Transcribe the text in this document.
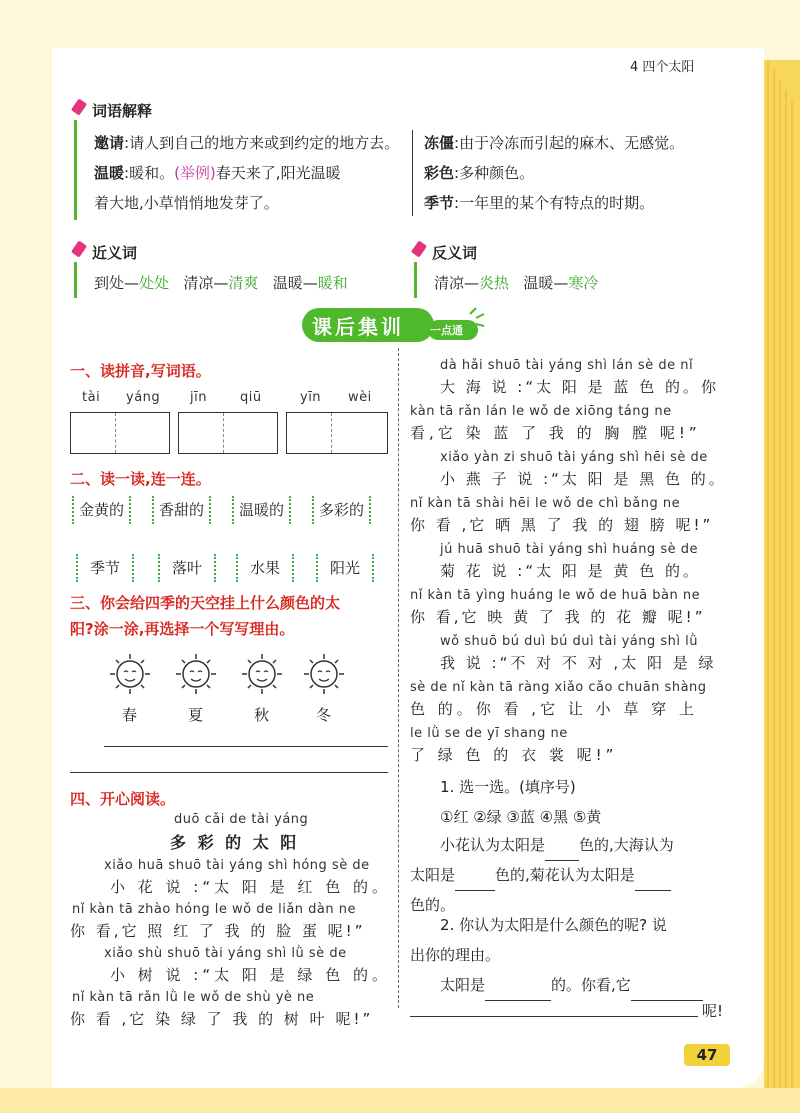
4 四个太阳
词语解释
邀请:请人到自己的地方来或到约定的地方去。
温暖:暖和。(举例)春天来了,阳光温暖
着大地,小草悄悄地发芽了。
冻僵:由于冷冻而引起的麻木、无感觉。
彩色:多种颜色。
季节:一年里的某个有特点的时期。
近义词
到处—处处 清凉—清爽 温暖—暖和
反义词
清凉—炎热 温暖—寒冷
课后集训 一点通
一、读拼音,写词语。
tài yáng jīn	qiū	yīn wèi
二、读一读,连一连。
金黄的	香甜的	温暖的	多彩的
季节	落叶	水果	阳光
三、你会给四季的天空挂上什么颜色的太
阳?涂一涂,再选择一个写写理由。
春	夏	秋	冬
四、开心阅读。
duō cǎi de tài yáng
多 彩 的 太 阳
xiǎo huā shuō tài yáng shì hóng sè de
小 花 说 :“太 阳 是 红 色 的。
nǐ kàn tā zhào hóng le wǒ de liǎn dàn ne
你 看,它 照 红 了 我 的 脸 蛋 呢!”
xiǎo shù shuō tài yáng shì lǜ sè de
小 树 说 :“太 阳 是 绿 色 的。
nǐ kàn tā rǎn lǜ le wǒ de shù yè ne
你 看 ,它 染 绿 了 我 的 树 叶 呢!”
dà hǎi shuō tài yáng shì lán sè de nǐ
大 海 说 :“太 阳 是 蓝 色 的。你
kàn tā rǎn lán le wǒ de xiōng táng ne
看,它 染 蓝 了 我 的 胸 膛 呢!”
xiǎo yàn zi shuō tài yáng shì hēi sè de
小 燕 子 说 :“太 阳 是 黑 色 的。
nǐ kàn tā shài hēi le wǒ de chì bǎng ne
你 看 ,它 晒 黑 了 我 的 翅 膀 呢!”
jú huā shuō tài yáng shì huáng sè de
菊 花 说 :“太 阳 是 黄 色 的。
nǐ kàn tā yìng huáng le wǒ de huā bàn ne
你 看,它 映 黄 了 我 的 花 瓣 呢!”
wǒ shuō bú duì bú duì tài yáng shì lǜ
我 说 :“不 对 不 对 ,太 阳 是 绿
sè de nǐ kàn tā ràng xiǎo cǎo chuān shàng
色 的。你 看 ,它 让 小 草 穿 上
le lǜ se de yī shang ne
了 绿 色 的 衣 裳 呢!”
1. 选一选。(填序号)
①红 ②绿 ③蓝 ④黑 ⑤黄
小花认为太阳是 色的,大海认为
太阳是	色的,菊花认为太阳是
色的。
2. 你认为太阳是什么颜色的呢? 说
出你的理由。
太阳是	的。你看,它
呢!
47
